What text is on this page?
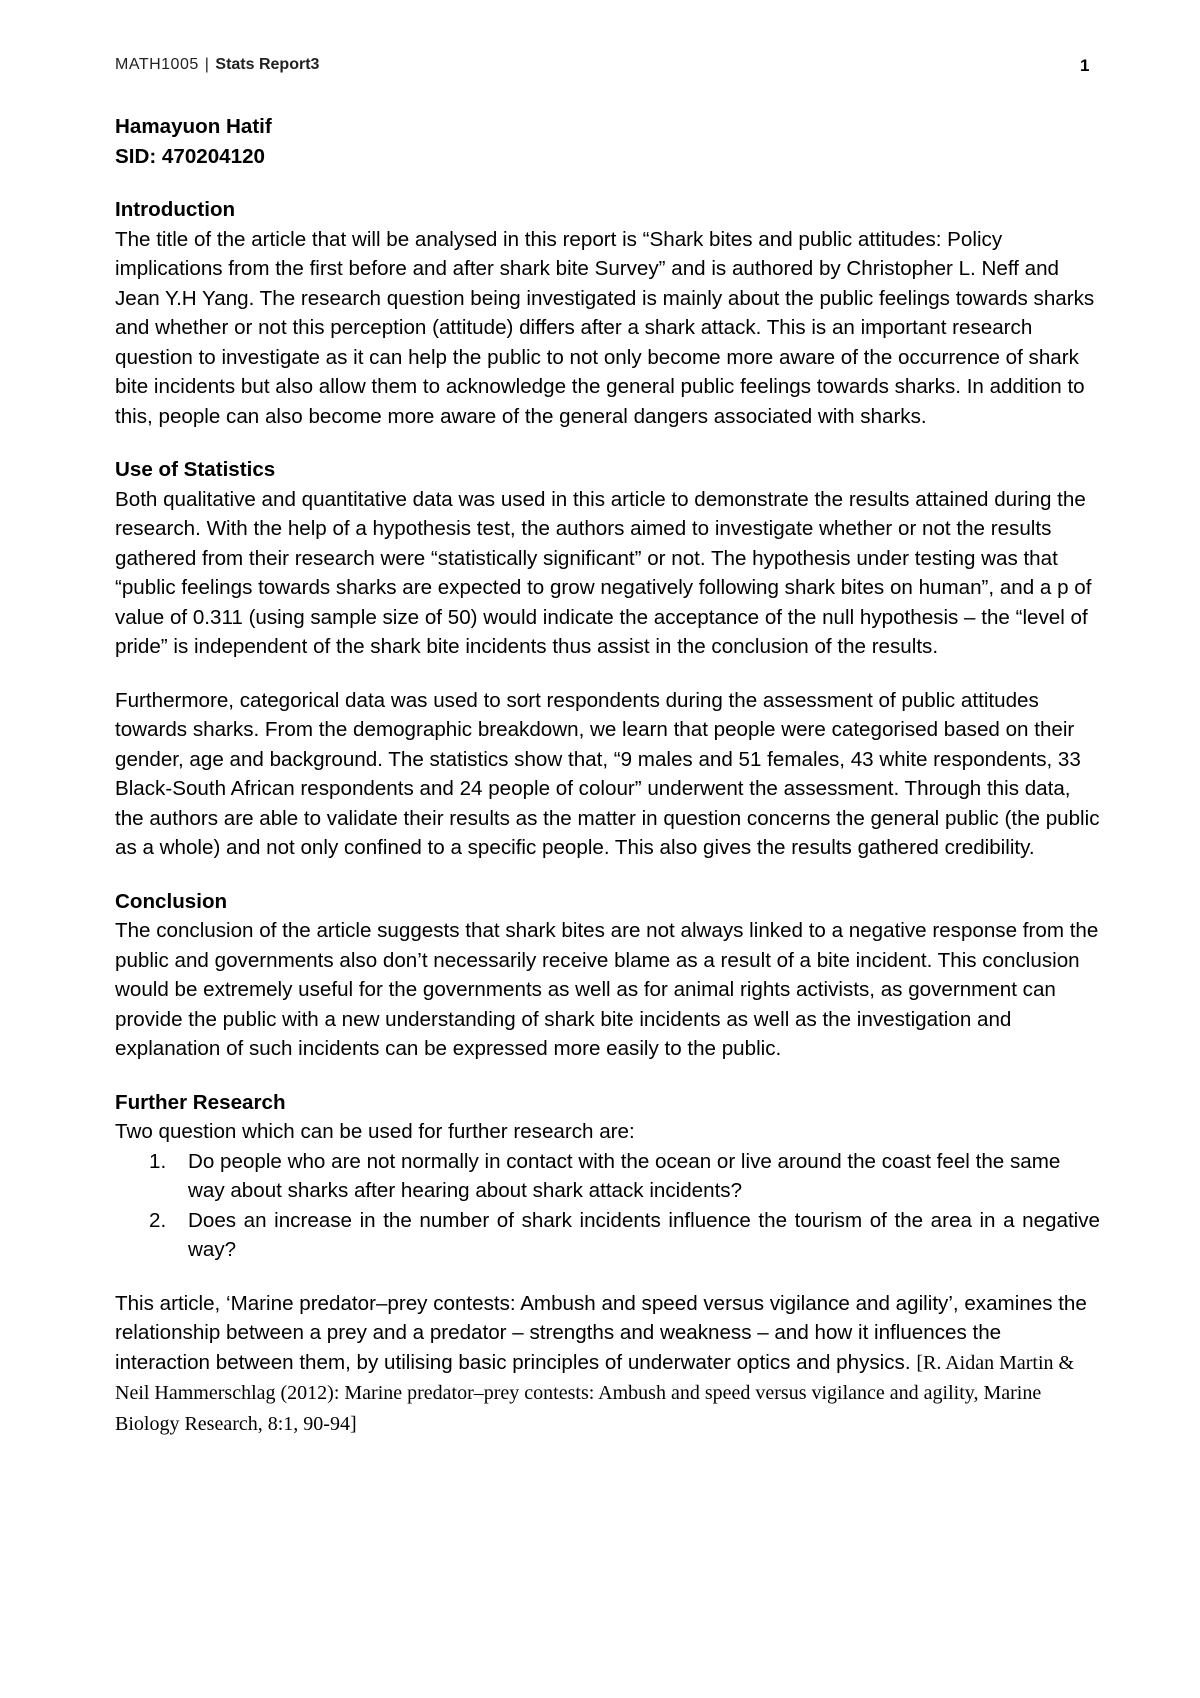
MATH1005 | Stats Report3	1

Hamayuon Hatif

SID: 470204120

Introduction

The title of the article that will be analysed in this report is “Shark bites and public attitudes: Policy implications from the first before and after shark bite Survey” and is authored by Christopher L. Neff and Jean Y.H Yang. The research question being investigated is mainly about the public feelings towards sharks and whether or not this perception (attitude) differs after a shark attack. This is an important research question to investigate as it can help the public to not only become more aware of the occurrence of shark bite incidents but also allow them to acknowledge the general public feelings towards sharks. In addition to this, people can also become more aware of the general dangers associated with sharks.

Use of Statistics

Both qualitative and quantitative data was used in this article to demonstrate the results attained during the research. With the help of a hypothesis test, the authors aimed to investigate whether or not the results gathered from their research were “statistically significant” or not. The hypothesis under testing was that “public feelings towards sharks are expected to grow negatively following shark bites on human”, and a p of value of 0.311 (using sample size of 50) would indicate the acceptance of the null hypothesis – the “level of pride” is independent of the shark bite incidents thus assist in the conclusion of the results.

Furthermore, categorical data was used to sort respondents during the assessment of public attitudes towards sharks. From the demographic breakdown, we learn that people were categorised based on their gender, age and background. The statistics show that, “9 males and 51 females, 43 white respondents, 33 Black-South African respondents and 24 people of colour” underwent the assessment. Through this data, the authors are able to validate their results as the matter in question concerns the general public (the public as a whole) and not only confined to a specific people. This also gives the results gathered credibility.

Conclusion

The conclusion of the article suggests that shark bites are not always linked to a negative response from the public and governments also don’t necessarily receive blame as a result of a bite incident. This conclusion would be extremely useful for the governments as well as for animal rights activists, as government can provide the public with a new understanding of shark bite incidents as well as the investigation and explanation of such incidents can be expressed more easily to the public.

Further Research

Two question which can be used for further research are:

1. Do people who are not normally in contact with the ocean or live around the coast feel the same way about sharks after hearing about shark attack incidents?
2. Does an increase in the number of shark incidents influence the tourism of the area in a negative way?

This article, ‘Marine predator–prey contests: Ambush and speed versus vigilance and agility’, examines the relationship between a prey and a predator – strengths and weakness – and how it influences the interaction between them, by utilising basic principles of underwater optics and physics. [R. Aidan Martin & Neil Hammerschlag (2012): Marine predator–prey contests: Ambush and speed versus vigilance and agility, Marine Biology Research, 8:1, 90-94]
